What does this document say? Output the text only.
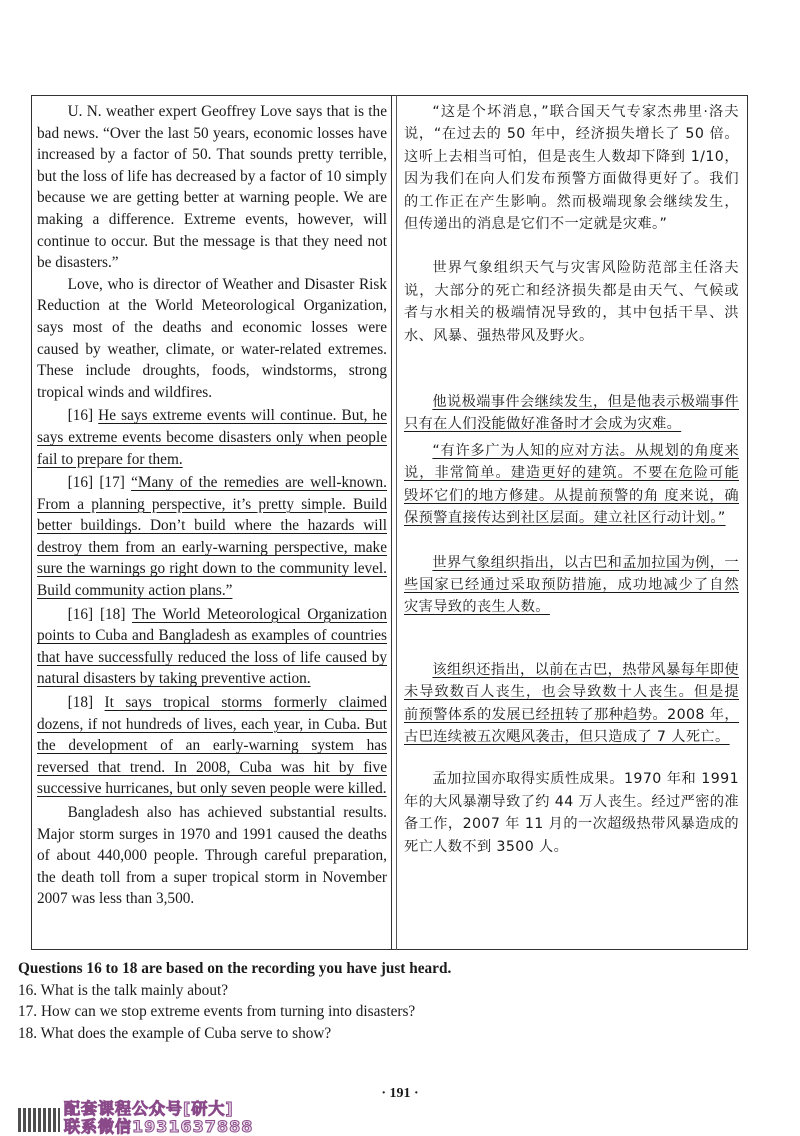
U. N. weather expert Geoffrey Love says that is the bad news. “Over the last 50 years, economic losses have increased by a factor of 50. That sounds pretty terrible, but the loss of life has decreased by a factor of 10 simply because we are getting better at warning people. We are making a difference. Extreme events, however, will continue to occur. But the message is that they need not be disasters.”

Love, who is director of Weather and Disaster Risk Reduction at the World Meteorological Organization, says most of the deaths and economic losses were caused by weather, climate, or water-related extremes. These include droughts, foods, windstorms, strong tropical winds and wildfires.

[16] He says extreme events will continue. But, he says extreme events become disasters only when people fail to prepare for them.

[16] [17] “Many of the remedies are well-known. From a planning perspective, it’s pretty simple. Build better buildings. Don’t build where the hazards will destroy them from an early-warning perspective, make sure the warnings go right down to the community level. Build community action plans.”

[16] [18] The World Meteorological Organization points to Cuba and Bangladesh as examples of countries that have successfully reduced the loss of life caused by natural disasters by taking preventive action.

[18] It says tropical storms formerly claimed dozens, if not hundreds of lives, each year, in Cuba. But the development of an early-warning system has reversed that trend. In 2008, Cuba was hit by five successive hurricanes, but only seven people were killed.

Bangladesh also has achieved substantial results. Major storm surges in 1970 and 1991 caused the deaths of about 440,000 people. Through careful preparation, the death toll from a super tropical storm in November 2007 was less than 3,500.

“这是个坏消息，”联合国天气专家杰弗里·洛夫说，“在过去的 50 年中，经济损失增长了 50 倍。这听上去相当可怕，但是丧生人数却下降到 1/10，因为我们在向人们发布预警方面做得更好了。我们的工作正在产生影响。然而极端现象会继续发生，但传递出的消息是它们不一定就是灾难。”

世界气象组织天气与灾害风险防范部主任洛夫说，大部分的死亡和经济损失都是由天气、气候或者与水相关的极端情况导致的，其中包括干旱、洪水、风暴、强热带风及野火。

他说极端事件会继续发生，但是他表示极端事件只有在人们没能做好准备时才会成为灾难。

“有许多广为人知的应对方法。从规划的角度来说，非常简单。建造更好的建筑。不要在危险可能毁坏它们的地方修建。从提前预警的角 度来说，确保预警直接传达到社区层面。建立社区行动计划。”

世界气象组织指出，以古巴和孟加拉国为例，一些国家已经通过采取预防措施，成功地减少了自然灾害导致的丧生人数。

该组织还指出，以前在古巴，热带风暴每年即使未导致数百人丧生，也会导致数十人丧生。但是提前预警体系的发展已经扭转了那种趋势。2008 年，古巴连续被五次飓风袭击，但只造成了 7 人死亡。

孟加拉国亦取得实质性成果。1970 年和 1991 年的大风暴潮导致了约 44 万人丧生。经过严密的准备工作，2007 年 11 月的一次超级热带风暴造成的死亡人数不到 3500 人。

Questions 16 to 18 are based on the recording you have just heard.
16. What is the talk mainly about?
17. How can we stop extreme events from turning into disasters?
18. What does the example of Cuba serve to show?
· 191 ·
配套课程公众号[研大]
联系微信1931637888
